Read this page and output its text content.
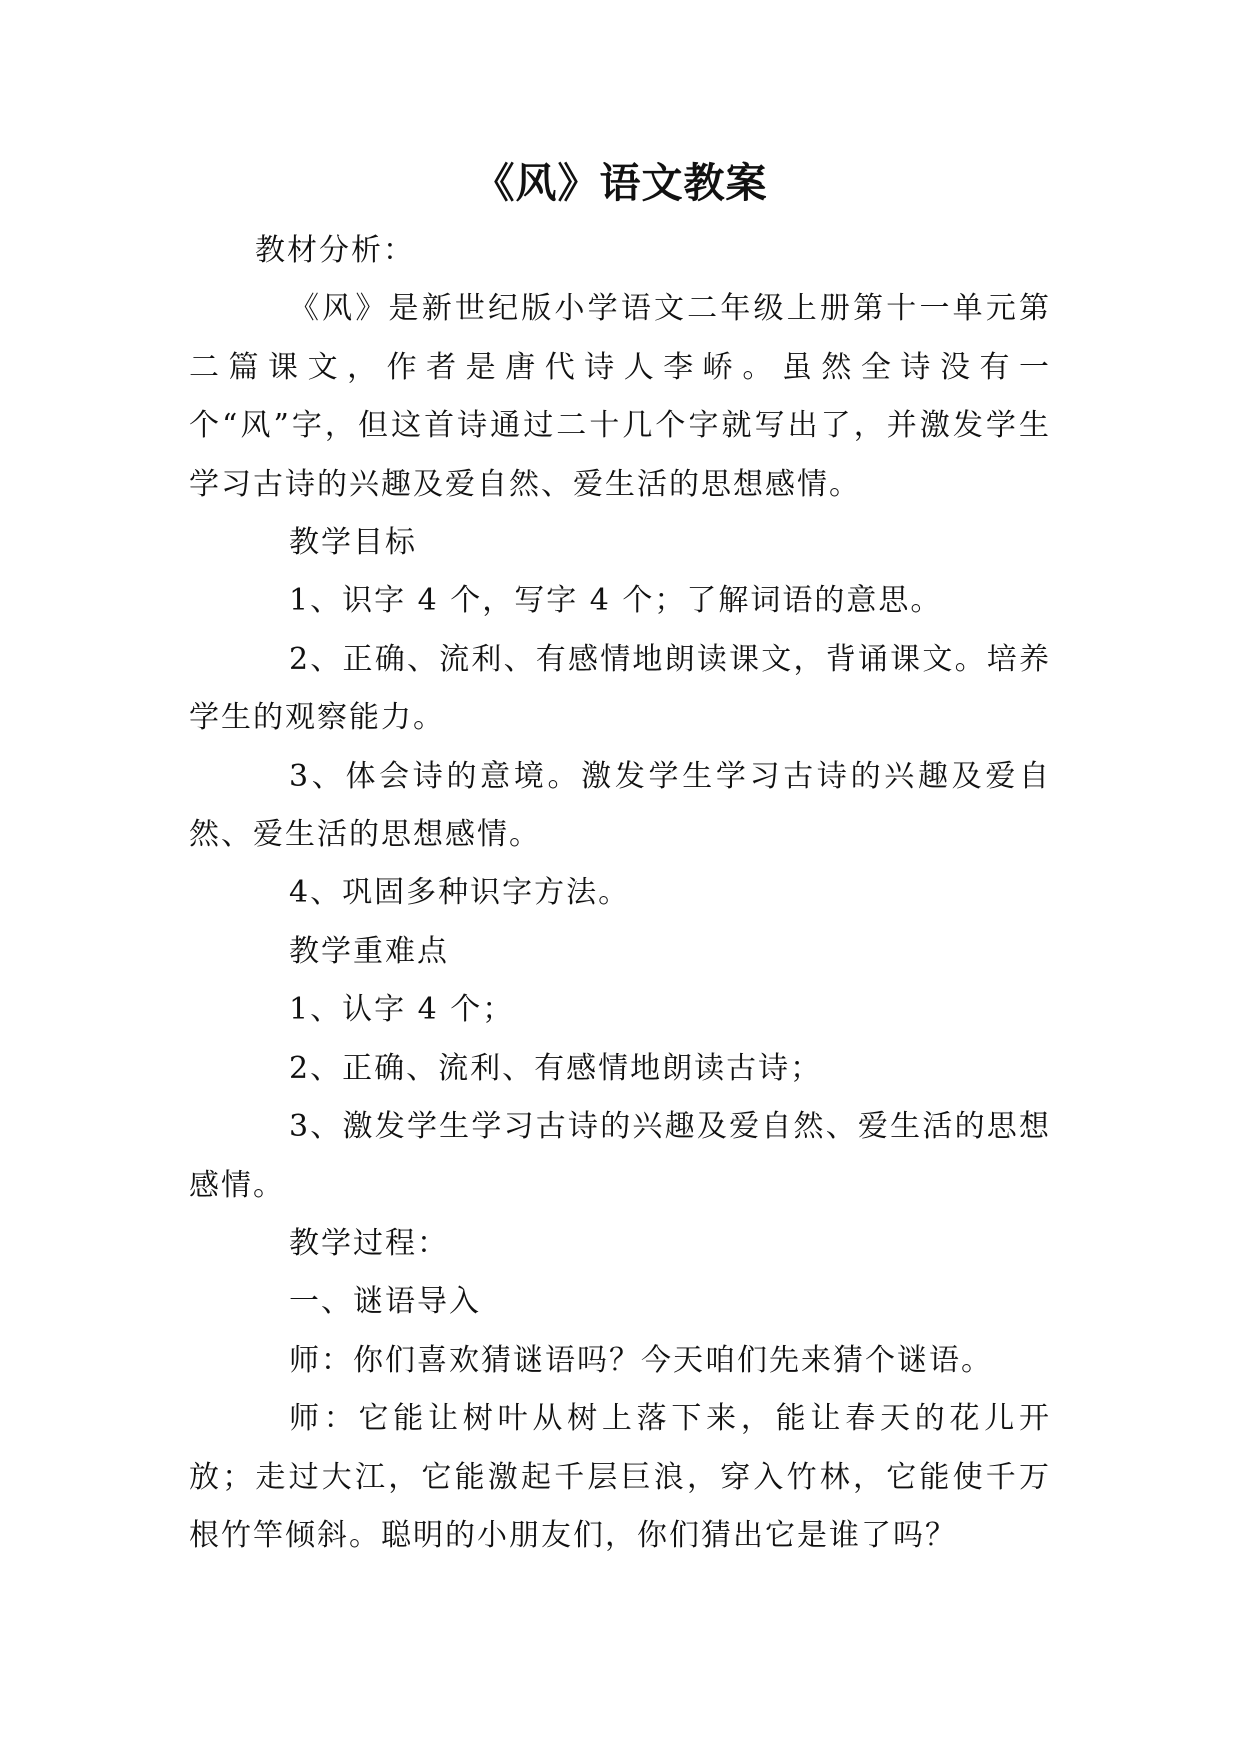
《风》语文教案

教材分析：

《风》是新世纪版小学语文二年级上册第十一单元第二篇课文，作者是唐代诗人李峤。虽然全诗没有一个“风”字，但这首诗通过二十几个字就写出了，并激发学生学习古诗的兴趣及爱自然、爱生活的思想感情。

教学目标

1、识字 4 个，写字 4 个；了解词语的意思。

2、正确、流利、有感情地朗读课文，背诵课文。培养学生的观察能力。

3、体会诗的意境。激发学生学习古诗的兴趣及爱自然、爱生活的思想感情。

4、巩固多种识字方法。

教学重难点

1、认字 4 个；

2、正确、流利、有感情地朗读古诗；

3、激发学生学习古诗的兴趣及爱自然、爱生活的思想感情。

教学过程：

一、谜语导入

师：你们喜欢猜谜语吗？今天咱们先来猜个谜语。

师：它能让树叶从树上落下来，能让春天的花儿开放；走过大江，它能激起千层巨浪，穿入竹林，它能使千万根竹竿倾斜。聪明的小朋友们，你们猜出它是谁了吗？
